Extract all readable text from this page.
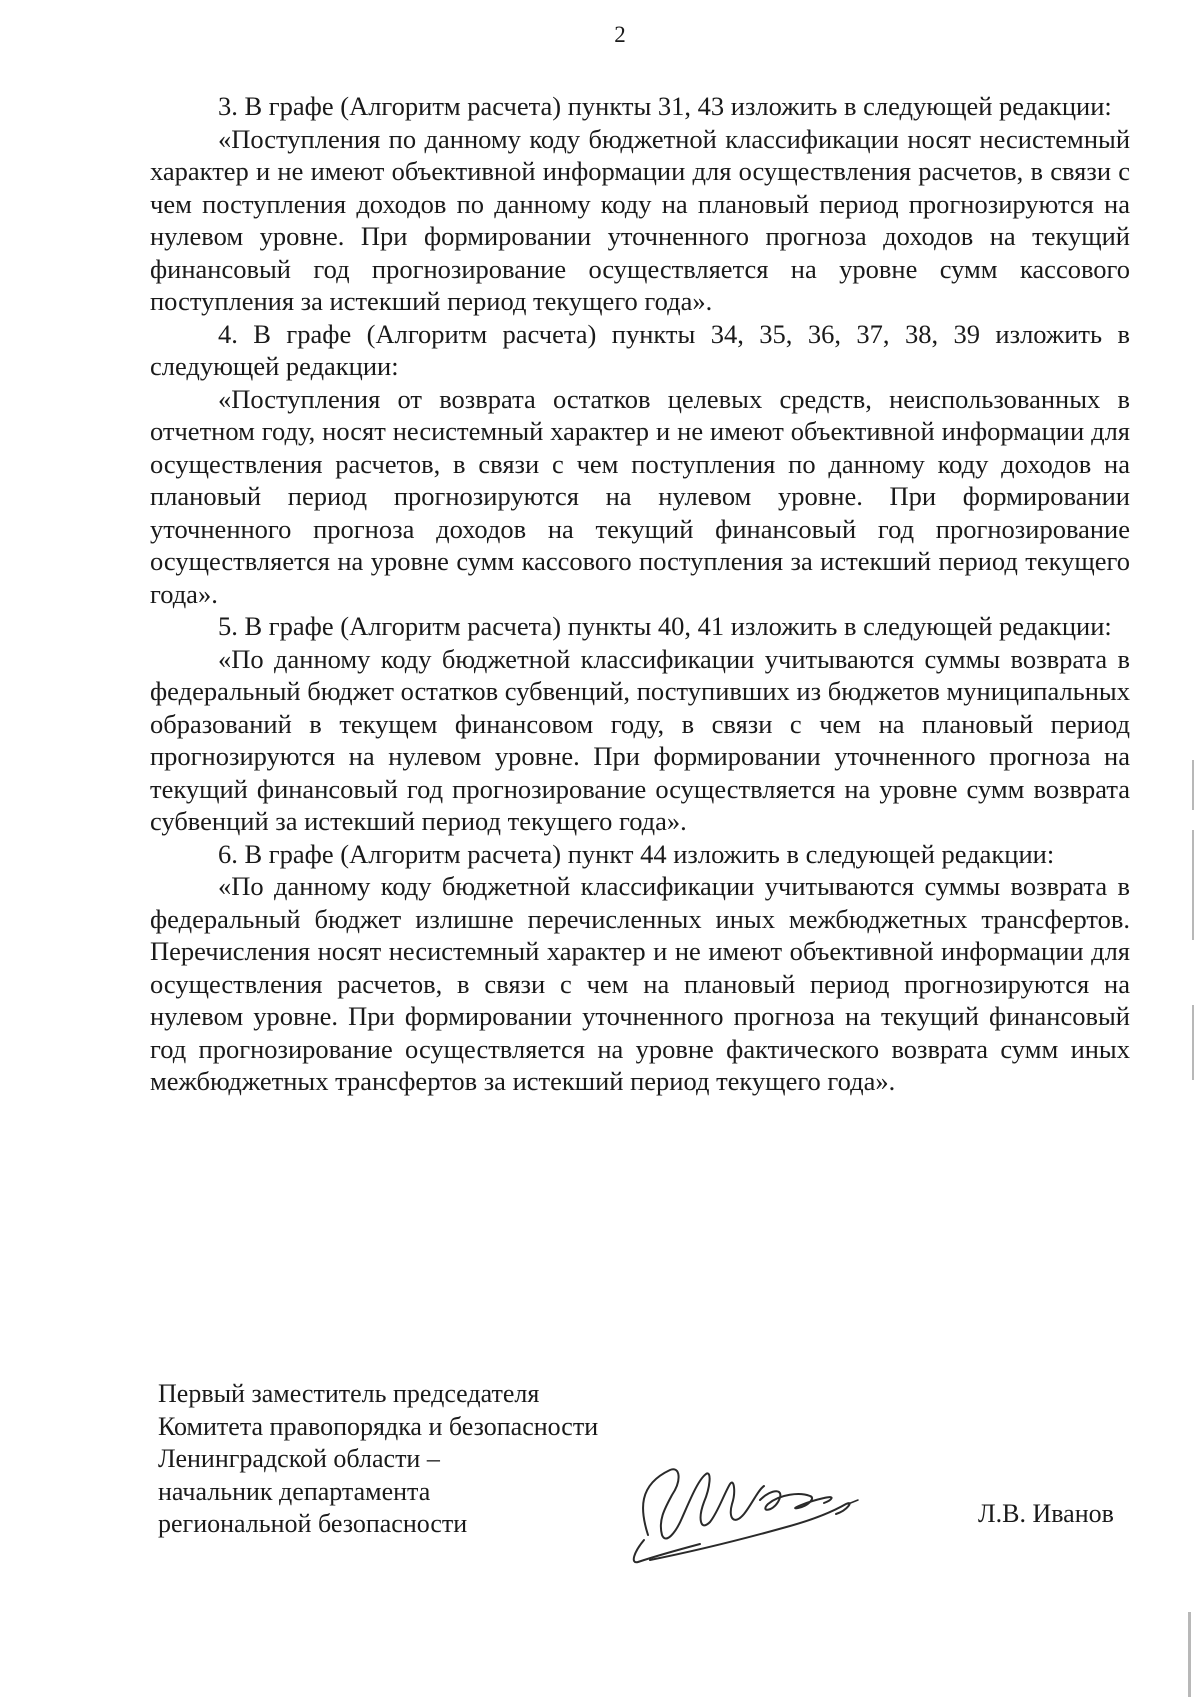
2

3. В графе (Алгоритм расчета) пункты 31, 43 изложить в следующей редакции:

«Поступления по данному коду бюджетной классификации носят несистемный характер и не имеют объективной информации для осуществления расчетов, в связи с чем поступления доходов по данному коду на плановый период прогнозируются на нулевом уровне. При формировании уточненного прогноза доходов на текущий финансовый год прогнозирование осуществляется на уровне сумм кассового поступления за истекший период текущего года».

4. В графе (Алгоритм расчета) пункты 34, 35, 36, 37, 38, 39 изложить в следующей редакции:

«Поступления от возврата остатков целевых средств, неиспользованных в отчетном году, носят несистемный характер и не имеют объективной информации для осуществления расчетов, в связи с чем поступления по данному коду доходов на плановый период прогнозируются на нулевом уровне. При формировании уточненного прогноза доходов на текущий финансовый год прогнозирование осуществляется на уровне сумм кассового поступления за истекший период текущего года».

5. В графе (Алгоритм расчета) пункты 40, 41 изложить в следующей редакции:

«По данному коду бюджетной классификации учитываются суммы возврата в федеральный бюджет остатков субвенций, поступивших из бюджетов муниципальных образований в текущем финансовом году, в связи с чем на плановый период прогнозируются на нулевом уровне. При формировании уточненного прогноза на текущий финансовый год прогнозирование осуществляется на уровне сумм возврата субвенций за истекший период текущего года».

6. В графе (Алгоритм расчета) пункт 44 изложить в следующей редакции:

«По данному коду бюджетной классификации учитываются суммы возврата в федеральный бюджет излишне перечисленных иных межбюджетных трансфертов. Перечисления носят несистемный характер и не имеют объективной информации для осуществления расчетов, в связи с чем на плановый период прогнозируются на нулевом уровне. При формировании уточненного прогноза на текущий финансовый год прогнозирование осуществляется на уровне фактического возврата сумм иных межбюджетных трансфертов за истекший период текущего года».

Первый заместитель председателя
Комитета правопорядка и безопасности
Ленинградской области –
начальник департамента
региональной безопасности	Л.В. Иванов
